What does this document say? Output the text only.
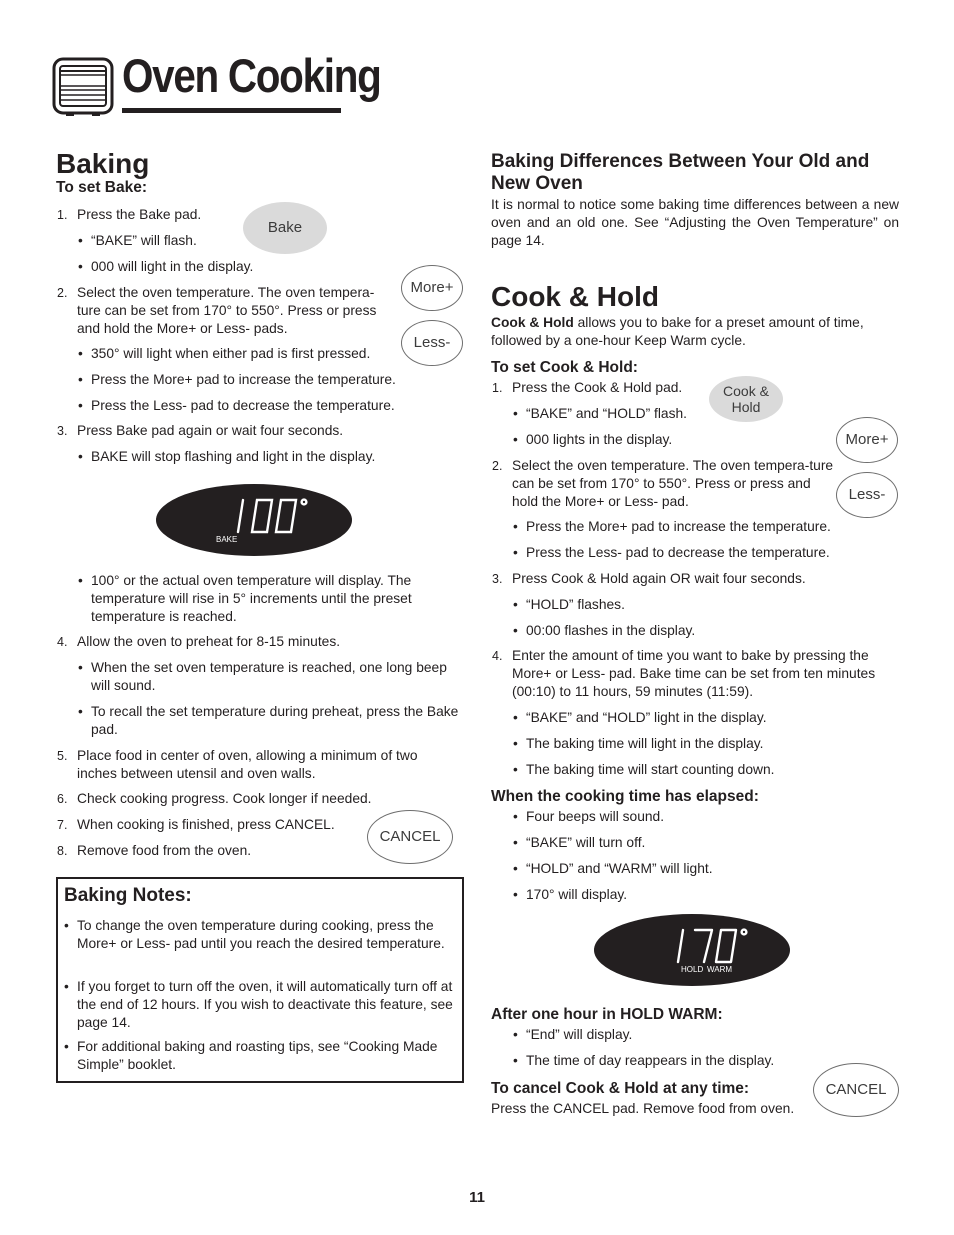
Oven Cooking
Baking
To set Bake:
1. Press the Bake pad.
• “BAKE” will flash.
• 000 will light in the display.
2. Select the oven temperature. The oven tempera-ture can be set from 170° to 550°. Press or press and hold the More+ or Less- pads.
• 350° will light when either pad is first pressed.
• Press the More+ pad to increase the temperature.
• Press the Less- pad to decrease the temperature.
3. Press Bake pad again or wait four seconds.
• BAKE will stop flashing and light in the display.
BAKE
• 100° or the actual oven temperature will display. The temperature will rise in 5° increments until the preset temperature is reached.
4. Allow the oven to preheat for 8-15 minutes.
• When the set oven temperature is reached, one long beep will sound.
• To recall the set temperature during preheat, press the Bake pad.
5. Place food in center of oven, allowing a minimum of two inches between utensil and oven walls.
6. Check cooking progress. Cook longer if needed.
7. When cooking is finished, press CANCEL.
8. Remove food from the oven.
Bake
More+
Less-
CANCEL
Baking Notes:
• To change the oven temperature during cooking, press the More+ or Less- pad until you reach the desired temperature.
• If you forget to turn off the oven, it will automatically turn off at the end of 12 hours. If you wish to deactivate this feature, see page 14.
• For additional baking and roasting tips, see “Cooking Made Simple” booklet.
Baking Differences Between Your Old and New Oven
It is normal to notice some baking time differences between a new oven and an old one. See “Adjusting the Oven Temperature” on page 14.
Cook & Hold
Cook & Hold allows you to bake for a preset amount of time, followed by a one-hour Keep Warm cycle.
To set Cook & Hold:
1. Press the Cook & Hold pad.
• “BAKE” and “HOLD” flash.
• 000 lights in the display.
2. Select the oven temperature. The oven tempera-ture can be set from 170° to 550°. Press or press and hold the More+ or Less- pad.
• Press the More+ pad to increase the temperature.
• Press the Less- pad to decrease the temperature.
3. Press Cook & Hold again OR wait four seconds.
• “HOLD” flashes.
• 00:00 flashes in the display.
4. Enter the amount of time you want to bake by pressing the More+ or Less- pad. Bake time can be set from ten minutes (00:10) to 11 hours, 59 minutes (11:59).
• “BAKE” and “HOLD” light in the display.
• The baking time will light in the display.
• The baking time will start counting down.
When the cooking time has elapsed:
• Four beeps will sound.
• “BAKE” will turn off.
• “HOLD” and “WARM” will light.
• 170° will display.
HOLD WARM
After one hour in HOLD WARM:
• “End” will display.
• The time of day reappears in the display.
To cancel Cook & Hold at any time:
Press the CANCEL pad. Remove food from oven.
Cook &
Hold
More+
Less-
CANCEL
11
